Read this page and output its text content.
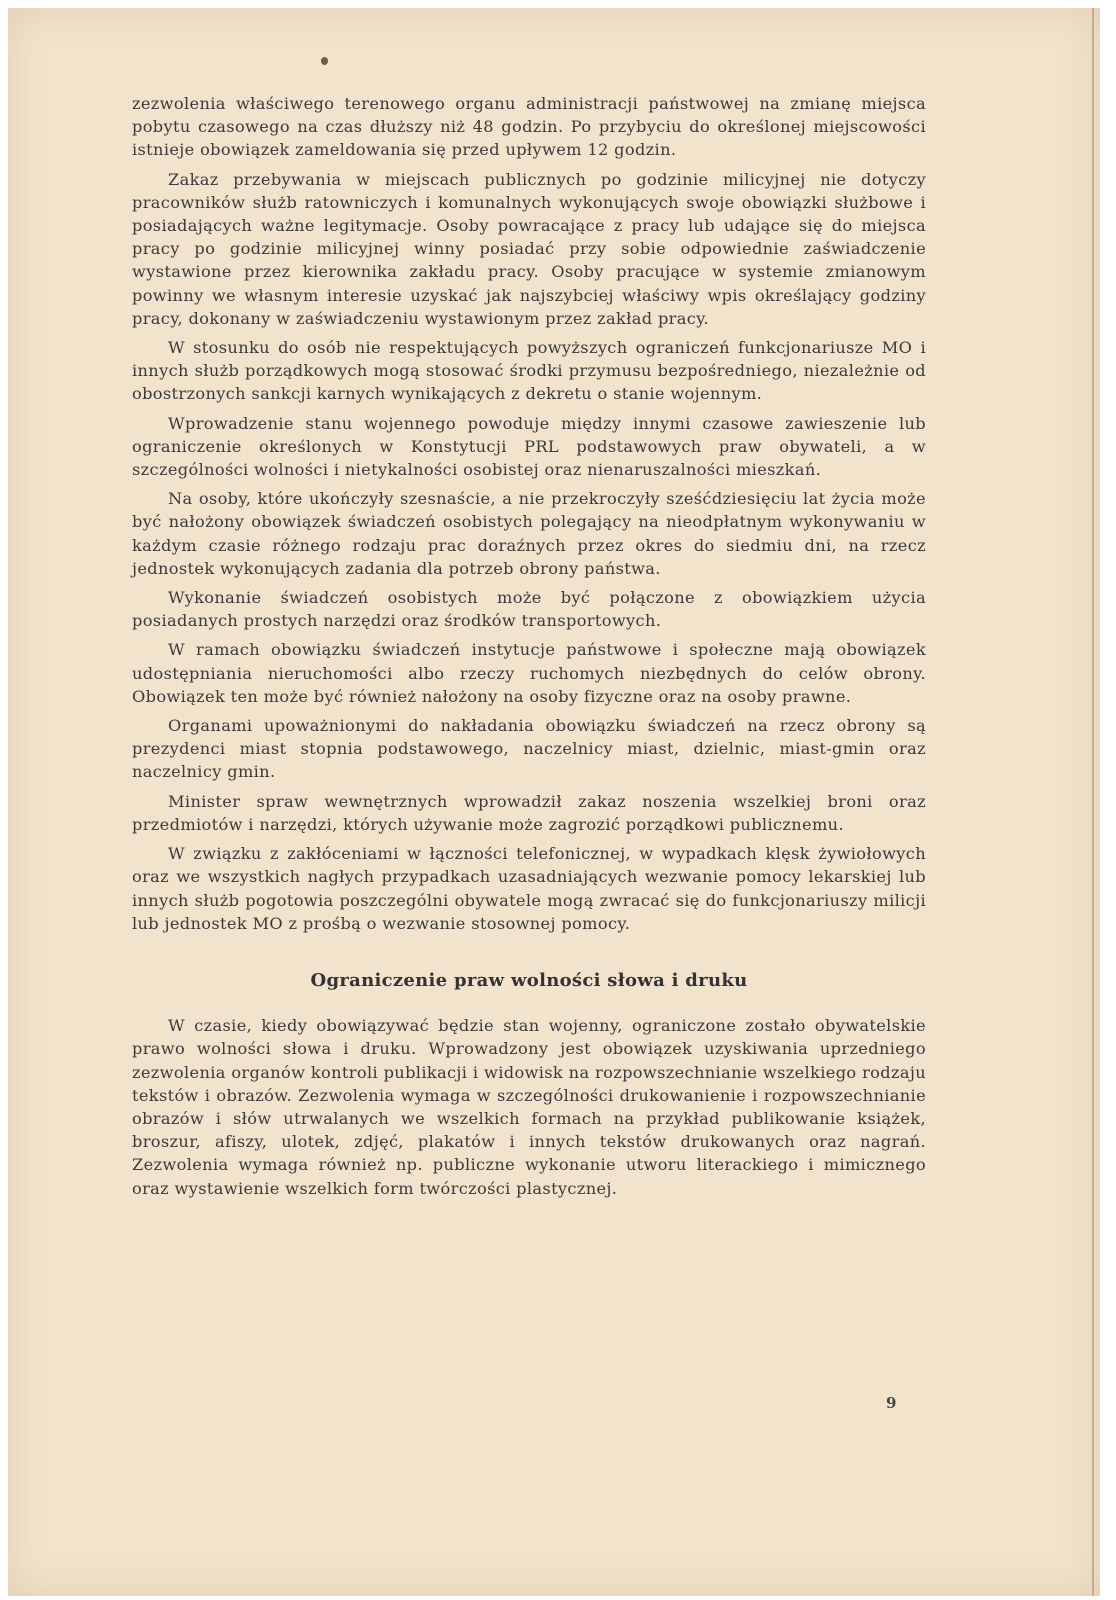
zezwolenia właściwego terenowego organu administracji państwowej na zmianę miejsca pobytu czasowego na czas dłuższy niż 48 godzin. Po przybyciu do określonej miejscowości istnieje obowiązek zameldowania się przed upływem 12 godzin.

Zakaz przebywania w miejscach publicznych po godzinie milicyjnej nie dotyczy pracowników służb ratowniczych i komunalnych wykonujących swoje obowiązki służbowe i posiadających ważne legitymacje. Osoby powracające z pracy lub udające się do miejsca pracy po godzinie milicyjnej winny posiadać przy sobie odpowiednie zaświadczenie wystawione przez kierownika zakładu pracy. Osoby pracujące w systemie zmianowym powinny we własnym interesie uzyskać jak najszybciej właściwy wpis określający godziny pracy, dokonany w zaświadczeniu wystawionym przez zakład pracy.

W stosunku do osób nie respektujących powyższych ograniczeń funkcjonariusze MO i innych służb porządkowych mogą stosować środki przymusu bezpośredniego, niezależnie od obostrzonych sankcji karnych wynikających z dekretu o stanie wojennym.

Wprowadzenie stanu wojennego powoduje między innymi czasowe zawieszenie lub ograniczenie określonych w Konstytucji PRL podstawowych praw obywateli, a w szczególności wolności i nietykalności osobistej oraz nienaruszalności mieszkań.

Na osoby, które ukończyły szesnaście, a nie przekroczyły sześćdziesięciu lat życia może być nałożony obowiązek świadczeń osobistych polegający na nieodpłatnym wykonywaniu w każdym czasie różnego rodzaju prac doraźnych przez okres do siedmiu dni, na rzecz jednostek wykonujących zadania dla potrzeb obrony państwa.

Wykonanie świadczeń osobistych może być połączone z obowiązkiem użycia posiadanych prostych narzędzi oraz środków transportowych.

W ramach obowiązku świadczeń instytucje państwowe i społeczne mają obowiązek udostępniania nieruchomości albo rzeczy ruchomych niezbędnych do celów obrony. Obowiązek ten może być również nałożony na osoby fizyczne oraz na osoby prawne.

Organami upoważnionymi do nakładania obowiązku świadczeń na rzecz obrony są prezydenci miast stopnia podstawowego, naczelnicy miast, dzielnic, miast-gmin oraz naczelnicy gmin.

Minister spraw wewnętrznych wprowadził zakaz noszenia wszelkiej broni oraz przedmiotów i narzędzi, których używanie może zagrozić porządkowi publicznemu.

W związku z zakłóceniami w łączności telefonicznej, w wypadkach klęsk żywiołowych oraz we wszystkich nagłych przypadkach uzasadniających wezwanie pomocy lekarskiej lub innych służb pogotowia poszczególni obywatele mogą zwracać się do funkcjonariuszy milicji lub jednostek MO z prośbą o wezwanie stosownej pomocy.

Ograniczenie praw wolności słowa i druku

W czasie, kiedy obowiązywać będzie stan wojenny, ograniczone zostało obywatelskie prawo wolności słowa i druku. Wprowadzony jest obowiązek uzyskiwania uprzedniego zezwolenia organów kontroli publikacji i widowisk na rozpowszechnianie wszelkiego rodzaju tekstów i obrazów. Zezwolenia wymaga w szczególności drukowanienie i rozpowszechnianie obrazów i słów utrwalanych we wszelkich formach na przykład publikowanie książek, broszur, afiszy, ulotek, zdjęć, plakatów i innych tekstów drukowanych oraz nagrań. Zezwolenia wymaga również np. publiczne wykonanie utworu literackiego i mimicznego oraz wystawienie wszelkich form twórczości plastycznej.

9
